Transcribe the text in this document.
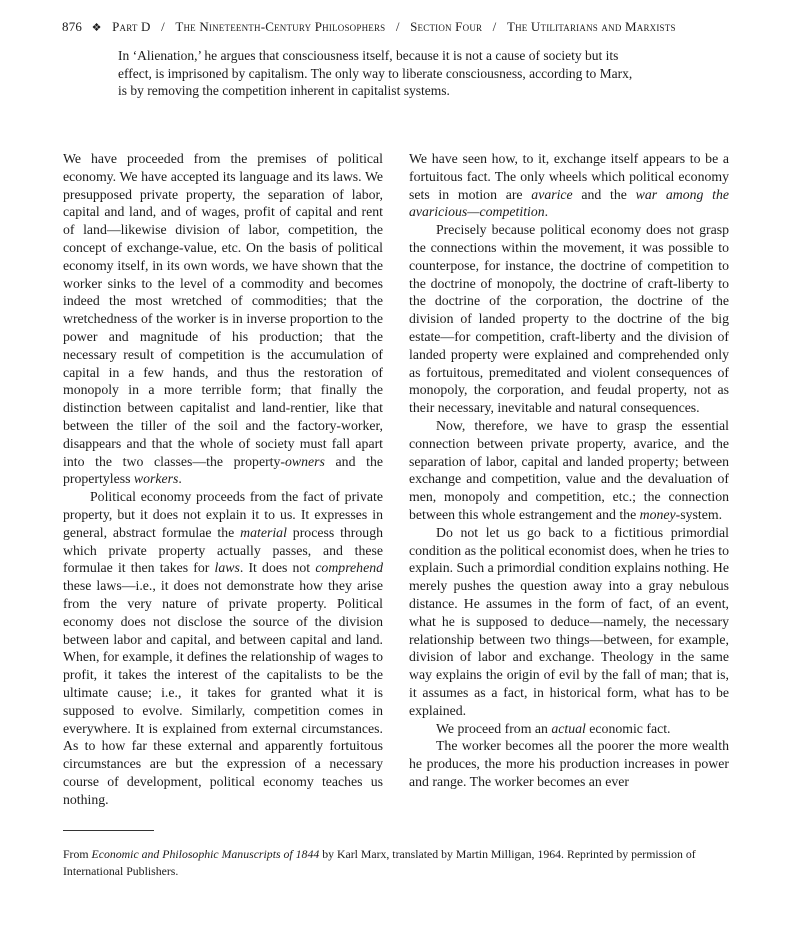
876 ❖ Part D / The Nineteenth-Century Philosophers / Section Four / The Utilitarians and Marxists
In ‘Alienation,’ he argues that consciousness itself, because it is not a cause of society but its effect, is imprisoned by capitalism. The only way to liberate consciousness, according to Marx, is by removing the competition inherent in capitalist systems.

We have proceeded from the premises of political economy. We have accepted its language and its laws. We presupposed private property, the separation of labor, capital and land, and of wages, profit of capital and rent of land—likewise division of labor, competition, the concept of exchange-value, etc. On the basis of political economy itself, in its own words, we have shown that the worker sinks to the level of a commodity and becomes indeed the most wretched of commodities; that the wretchedness of the worker is in inverse proportion to the power and magnitude of his production; that the necessary result of competition is the accumulation of capital in a few hands, and thus the restoration of monopoly in a more terrible form; that finally the distinction between capitalist and land-rentier, like that between the tiller of the soil and the factory-worker, disappears and that the whole of society must fall apart into the two classes—the property-owners and the propertyless workers.

Political economy proceeds from the fact of private property, but it does not explain it to us. It expresses in general, abstract formulae the material process through which private property actually passes, and these formulae it then takes for laws. It does not comprehend these laws—i.e., it does not demonstrate how they arise from the very nature of private property. Political economy does not disclose the source of the division between labor and capital, and between capital and land. When, for example, it defines the relationship of wages to profit, it takes the interest of the capitalists to be the ultimate cause; i.e., it takes for granted what it is supposed to evolve. Similarly, competition comes in everywhere. It is explained from external circumstances. As to how far these external and apparently fortuitous circumstances are but the expression of a necessary course of development, political economy teaches us nothing.

We have seen how, to it, exchange itself appears to be a fortuitous fact. The only wheels which political economy sets in motion are avarice and the war among the avaricious—competition.

Precisely because political economy does not grasp the connections within the movement, it was possible to counterpose, for instance, the doctrine of competition to the doctrine of monopoly, the doctrine of craft-liberty to the doctrine of the corporation, the doctrine of the division of landed property to the doctrine of the big estate—for competition, craft-liberty and the division of landed property were explained and comprehended only as fortuitous, premeditated and violent consequences of monopoly, the corporation, and feudal property, not as their necessary, inevitable and natural consequences.

Now, therefore, we have to grasp the essential connection between private property, avarice, and the separation of labor, capital and landed property; between exchange and competition, value and the devaluation of men, monopoly and competition, etc.; the connection between this whole estrangement and the money-system.

Do not let us go back to a fictitious primordial condition as the political economist does, when he tries to explain. Such a primordial condition explains nothing. He merely pushes the question away into a gray nebulous distance. He assumes in the form of fact, of an event, what he is supposed to deduce—namely, the necessary relationship between two things—between, for example, division of labor and exchange. Theology in the same way explains the origin of evil by the fall of man; that is, it assumes as a fact, in historical form, what has to be explained.

We proceed from an actual economic fact.

The worker becomes all the poorer the more wealth he produces, the more his production increases in power and range. The worker becomes an ever

From Economic and Philosophic Manuscripts of 1844 by Karl Marx, translated by Martin Milligan, 1964. Reprinted by permission of International Publishers.
